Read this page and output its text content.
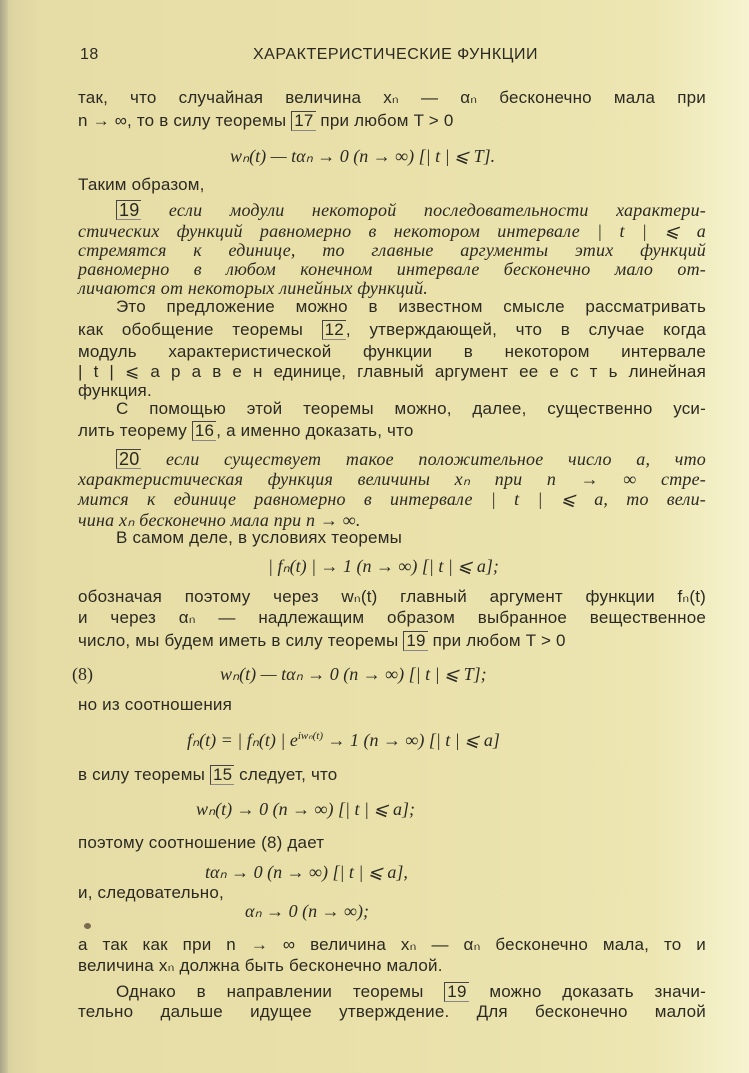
18	ХАРАКТЕРИСТИЧЕСКИЕ ФУНКЦИИ
так, что случайная величина xₙ — αₙ бесконечно мала при
n → ∞, то в силу теоремы 17 при любом T > 0
wₙ(t) — tαₙ → 0 (n → ∞) [| t | ⩽ T].
Таким образом,
19 если модули некоторой последовательности характери-
стических функций равномерно в некотором интервале | t | ⩽ a
стремятся к единице, то главные аргументы этих функций
равномерно в любом конечном интервале бесконечно мало от-
личаются от некоторых линейных функций.
Это предложение можно в известном смысле рассматривать
как обобщение теоремы 12 , утверждающей, что в случае когда
модуль характеристической функции в некотором интервале
| t | ⩽ a р а в е н единице, главный аргумент ее е с т ь линейная
функция.
С помощью этой теоремы можно, далее, существенно уси-
лить теорему 16 , а именно доказать, что
20 если существует такое положительное число a, что
характеристическая функция величины xₙ при n → ∞ стре-
мится к единице равномерно в интервале | t | ⩽ a, то вели-
чина xₙ бесконечно мала при n → ∞.
В самом деле, в условиях теоремы
| fₙ(t) | → 1 (n → ∞) [| t | ⩽ a];
обозначая поэтому через wₙ(t) главный аргумент функции fₙ(t)
и через αₙ — надлежащим образом выбранное вещественное
число, мы будем иметь в силу теоремы 19 при любом T > 0
(8)	wₙ(t) — tαₙ → 0 (n → ∞) [| t | ⩽ T];
но из соотношения
fₙ(t) = | fₙ(t) | $e^{iw_n(t)} \to 1$ (n → ∞) [| t | ⩽ a]
в силу теоремы 15 следует, что
wₙ(t) → 0 (n → ∞) [| t | ⩽ a];
поэтому соотношение (8) дает
tαₙ → 0 (n → ∞) [| t | ⩽ a],
и, следовательно,
αₙ → 0 (n → ∞);
а так как при n → ∞ величина xₙ — αₙ бесконечно мала, то и
величина xₙ должна быть бесконечно малой.
Однако в направлении теоремы 19 можно доказать значи-
тельно дальше идущее утверждение. Для бесконечно малой
